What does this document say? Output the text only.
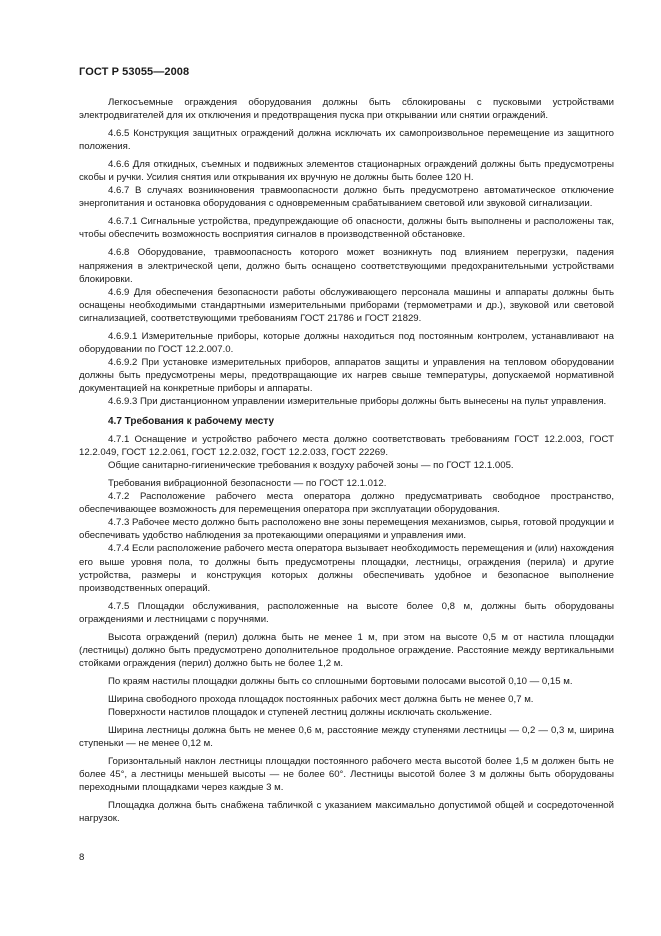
ГОСТ Р 53055—2008

Легкосъемные ограждения оборудования должны быть сблокированы с пусковыми устройствами электродвигателей для их отключения и предотвращения пуска при открывании или снятии ограждений.

4.6.5 Конструкция защитных ограждений должна исключать их самопроизвольное перемещение из защитного положения.

4.6.6 Для откидных, съемных и подвижных элементов стационарных ограждений должны быть предусмотрены скобы и ручки. Усилия снятия или открывания их вручную не должны быть более 120 Н.

4.6.7 В случаях возникновения травмоопасности должно быть предусмотрено автоматическое отключение энергопитания и остановка оборудования с одновременным срабатыванием световой или звуковой сигнализации.

4.6.7.1 Сигнальные устройства, предупреждающие об опасности, должны быть выполнены и расположены так, чтобы обеспечить возможность восприятия сигналов в производственной обстановке.

4.6.8 Оборудование, травмоопасность которого может возникнуть под влиянием перегрузки, падения напряжения в электрической цепи, должно быть оснащено соответствующими предохранительными устройствами блокировки.

4.6.9 Для обеспечения безопасности работы обслуживающего персонала машины и аппараты должны быть оснащены необходимыми стандартными измерительными приборами (термометрами и др.), звуковой или световой сигнализацией, соответствующими требованиям ГОСТ 21786 и ГОСТ 21829.

4.6.9.1 Измерительные приборы, которые должны находиться под постоянным контролем, устанавливают на оборудовании по ГОСТ 12.2.007.0.

4.6.9.2 При установке измерительных приборов, аппаратов защиты и управления на тепловом оборудовании должны быть предусмотрены меры, предотвращающие их нагрев свыше температуры, допускаемой нормативной документацией на конкретные приборы и аппараты.

4.6.9.3 При дистанционном управлении измерительные приборы должны быть вынесены на пульт управления.

4.7 Требования к рабочему месту

4.7.1 Оснащение и устройство рабочего места должно соответствовать требованиям ГОСТ 12.2.003, ГОСТ 12.2.049, ГОСТ 12.2.061, ГОСТ 12.2.032, ГОСТ 12.2.033, ГОСТ 22269.

Общие санитарно-гигиенические требования к воздуху рабочей зоны — по ГОСТ 12.1.005.

Требования вибрационной безопасности — по ГОСТ 12.1.012.

4.7.2 Расположение рабочего места оператора должно предусматривать свободное пространство, обеспечивающее возможность для перемещения оператора при эксплуатации оборудования.

4.7.3 Рабочее место должно быть расположено вне зоны перемещения механизмов, сырья, готовой продукции и обеспечивать удобство наблюдения за протекающими операциями и управления ими.

4.7.4 Если расположение рабочего места оператора вызывает необходимость перемещения и (или) нахождения его выше уровня пола, то должны быть предусмотрены площадки, лестницы, ограждения (перила) и другие устройства, размеры и конструкция которых должны обеспечивать удобное и безопасное выполнение производственных операций.

4.7.5 Площадки обслуживания, расположенные на высоте более 0,8 м, должны быть оборудованы ограждениями и лестницами с поручнями.

Высота ограждений (перил) должна быть не менее 1 м, при этом на высоте 0,5 м от настила площадки (лестницы) должно быть предусмотрено дополнительное продольное ограждение. Расстояние между вертикальными стойками ограждения (перил) должно быть не более 1,2 м.

По краям настилы площадки должны быть со сплошными бортовыми полосами высотой 0,10 — 0,15 м.

Ширина свободного прохода площадок постоянных рабочих мест должна быть не менее 0,7 м.

Поверхности настилов площадок и ступеней лестниц должны исключать скольжение.

Ширина лестницы должна быть не менее 0,6 м, расстояние между ступенями лестницы — 0,2 — 0,3 м, ширина ступеньки — не менее 0,12 м.

Горизонтальный наклон лестницы площадки постоянного рабочего места высотой более 1,5 м должен быть не более 45°, а лестницы меньшей высоты — не более 60°. Лестницы высотой более 3 м должны быть оборудованы переходными площадками через каждые 3 м.

Площадка должна быть снабжена табличкой с указанием максимально допустимой общей и сосредоточенной нагрузок.

8
